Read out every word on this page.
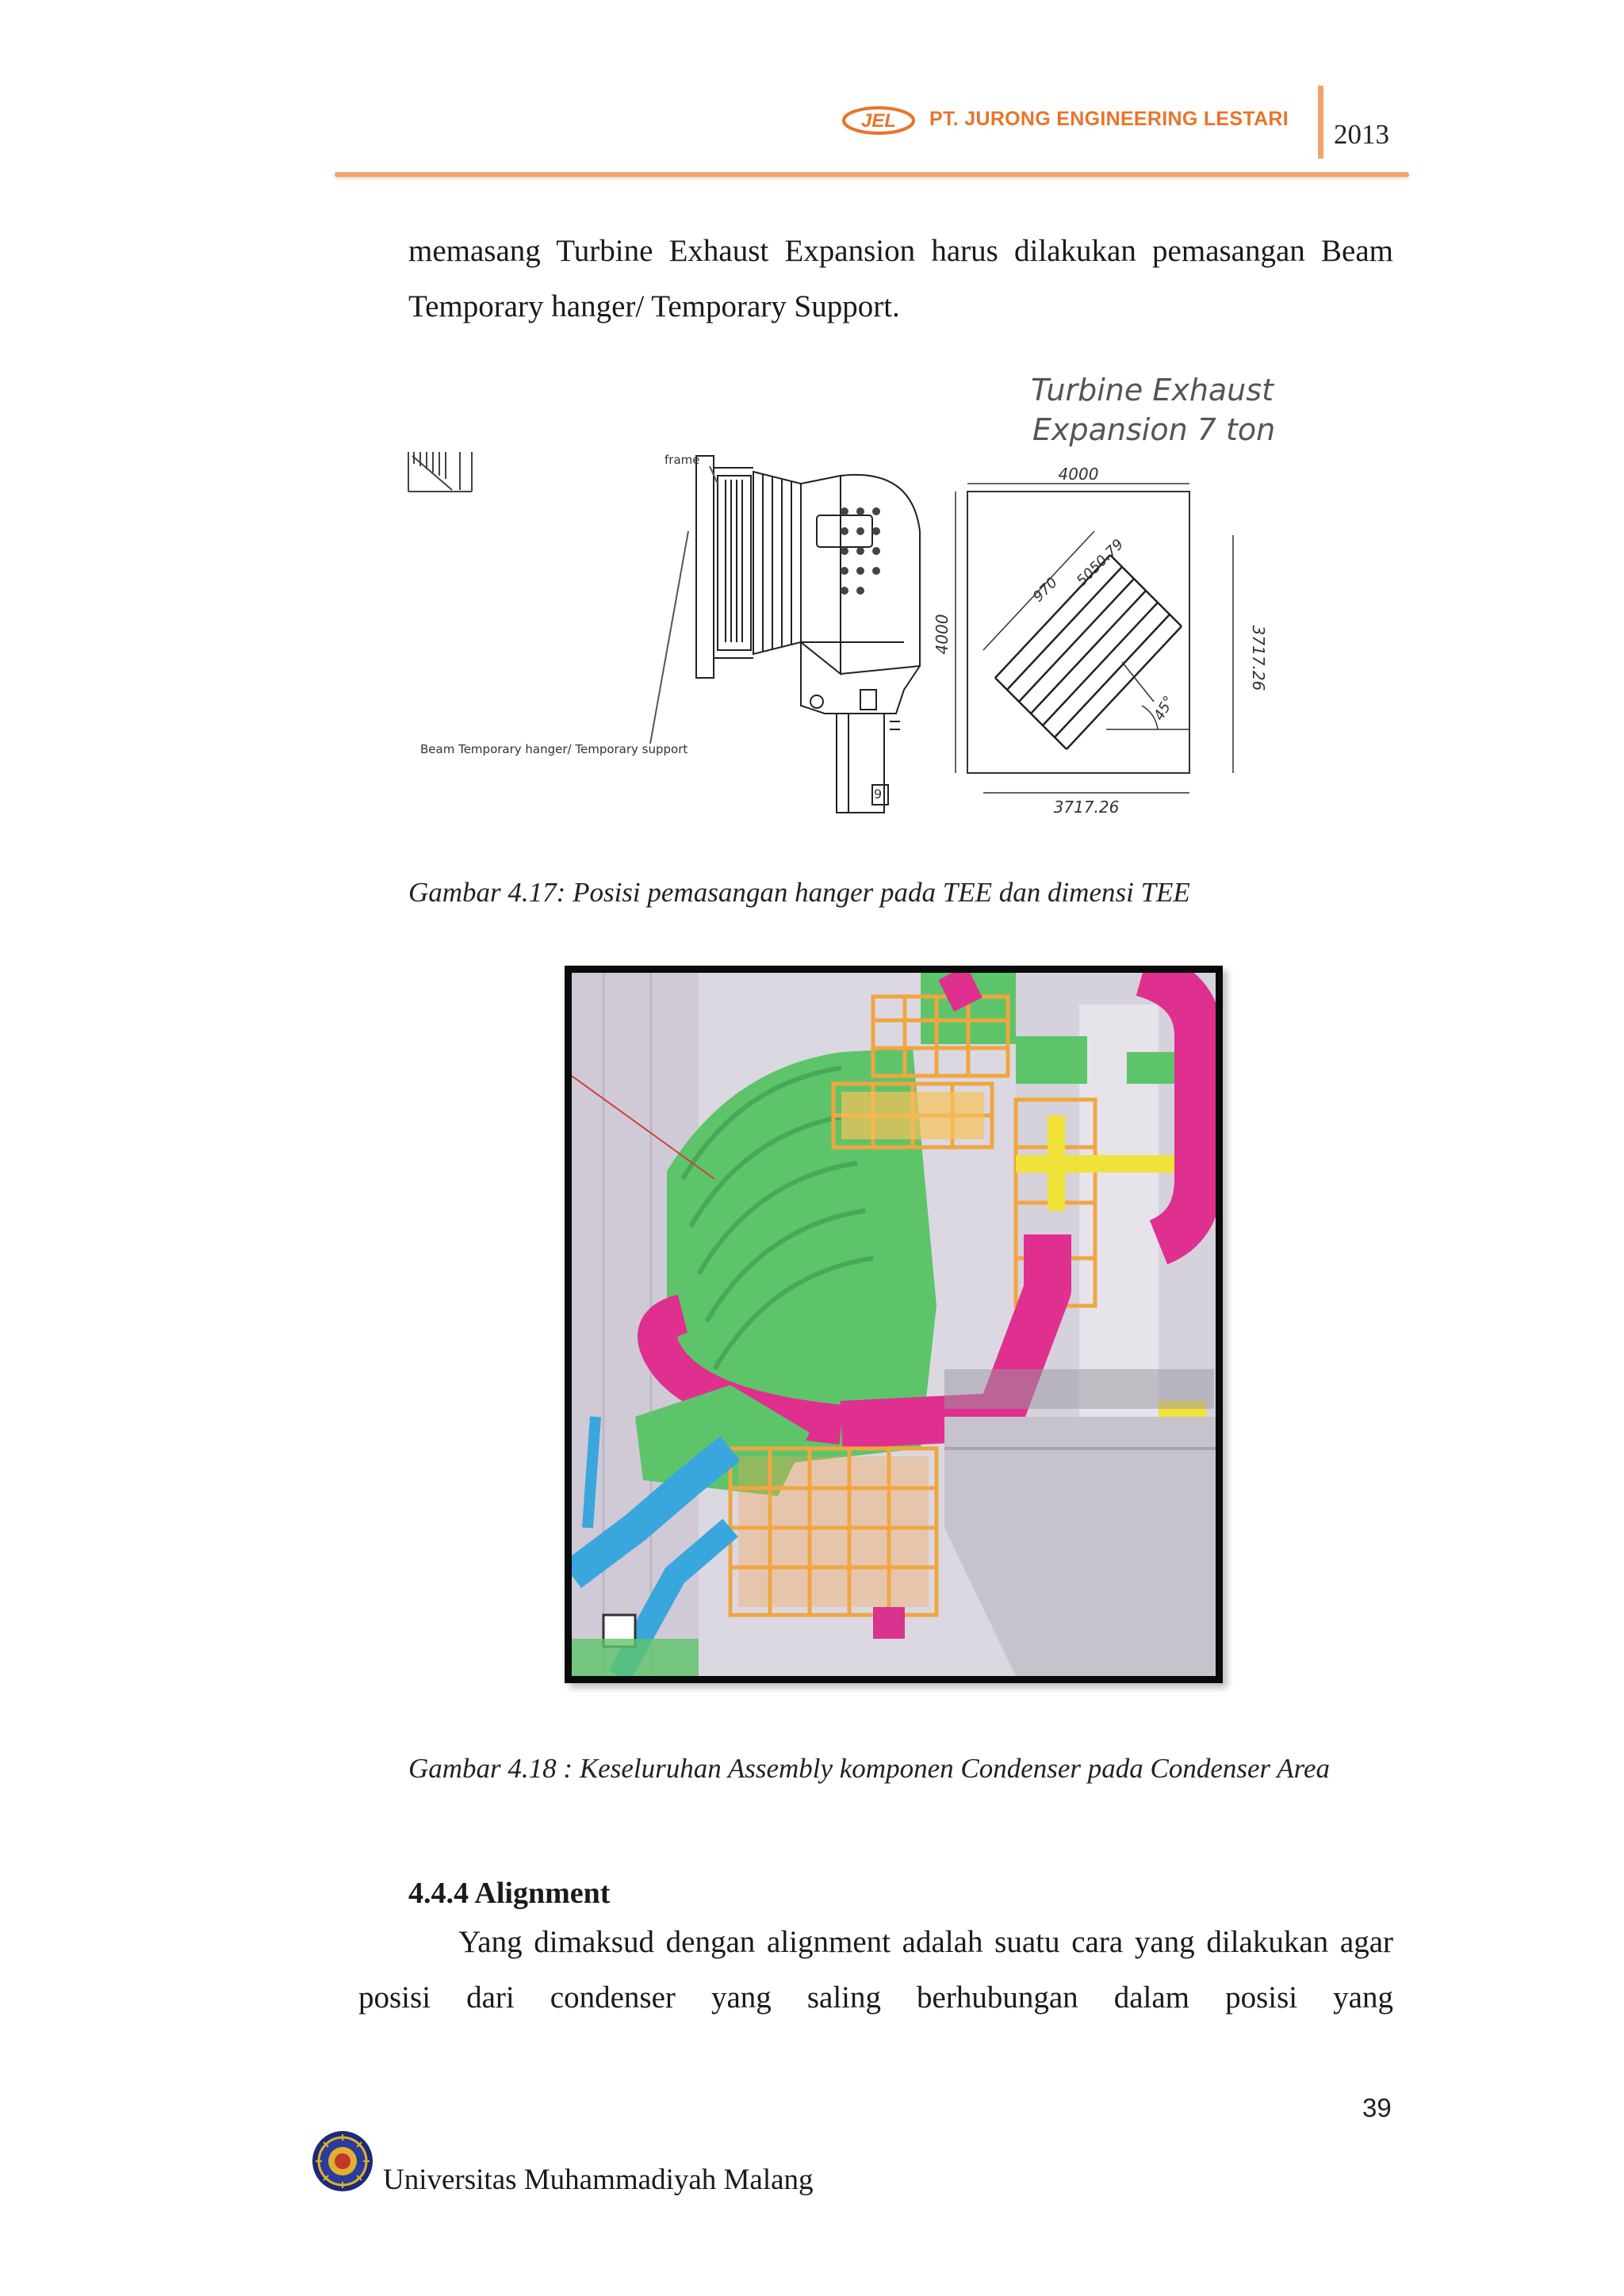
JEL PT. JURONG ENGINEERING LESTARI 2013
memasang Turbine Exhaust Expansion harus dilakukan pemasangan Beam Temporary hanger/ Temporary Support.
frame
Beam Temporary hanger/ Temporary support
9
Turbine Exhaust
Expansion 7 ton
4000
4000	3717.26
3717.26
970
5050.79
45°
Gambar 4.17: Posisi pemasangan hanger pada TEE dan dimensi TEE
Gambar 4.18 : Keseluruhan Assembly komponen Condenser pada Condenser Area
4.4.4 Alignment
Yang dimaksud dengan alignment adalah suatu cara yang dilakukan agar posisi dari condenser yang saling berhubungan dalam posisi yang
39
Universitas Muhammadiyah Malang
